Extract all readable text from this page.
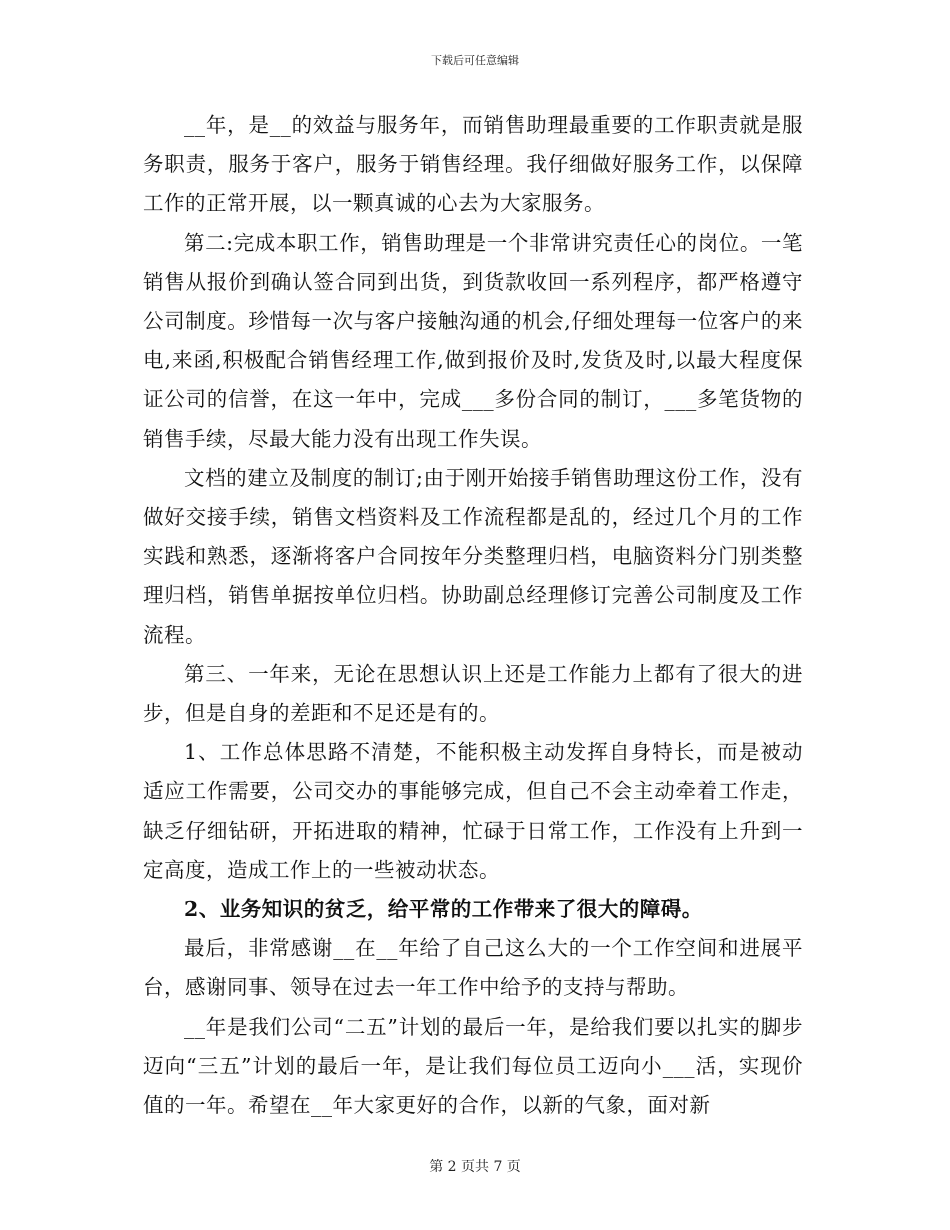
下载后可任意编辑

__年，是__的效益与服务年，而销售助理最重要的工作职责就是服务职责，服务于客户，服务于销售经理。我仔细做好服务工作，以保障工作的正常开展，以一颗真诚的心去为大家服务。

第二:完成本职工作，销售助理是一个非常讲究责任心的岗位。一笔销售从报价到确认签合同到出货，到货款收回一系列程序，都严格遵守公司制度。珍惜每一次与客户接触沟通的机会,仔细处理每一位客户的来电,来函,积极配合销售经理工作,做到报价及时,发货及时,以最大程度保证公司的信誉，在这一年中，完成___多份合同的制订，___多笔货物的销售手续，尽最大能力没有出现工作失误。

文档的建立及制度的制订;由于刚开始接手销售助理这份工作，没有做好交接手续，销售文档资料及工作流程都是乱的，经过几个月的工作实践和熟悉，逐渐将客户合同按年分类整理归档，电脑资料分门别类整理归档，销售单据按单位归档。协助副总经理修订完善公司制度及工作流程。

第三、一年来，无论在思想认识上还是工作能力上都有了很大的进步，但是自身的差距和不足还是有的。

1、工作总体思路不清楚，不能积极主动发挥自身特长，而是被动适应工作需要，公司交办的事能够完成，但自己不会主动牵着工作走，缺乏仔细钻研，开拓进取的精神，忙碌于日常工作，工作没有上升到一定高度，造成工作上的一些被动状态。

2、业务知识的贫乏，给平常的工作带来了很大的障碍。

最后，非常感谢__在__年给了自己这么大的一个工作空间和进展平台，感谢同事、领导在过去一年工作中给予的支持与帮助。

__年是我们公司“二五”计划的最后一年，是给我们要以扎实的脚步迈向“三五”计划的最后一年，是让我们每位员工迈向小___活，实现价值的一年。希望在__年大家更好的合作，以新的气象，面对新

第 2 页共 7 页
